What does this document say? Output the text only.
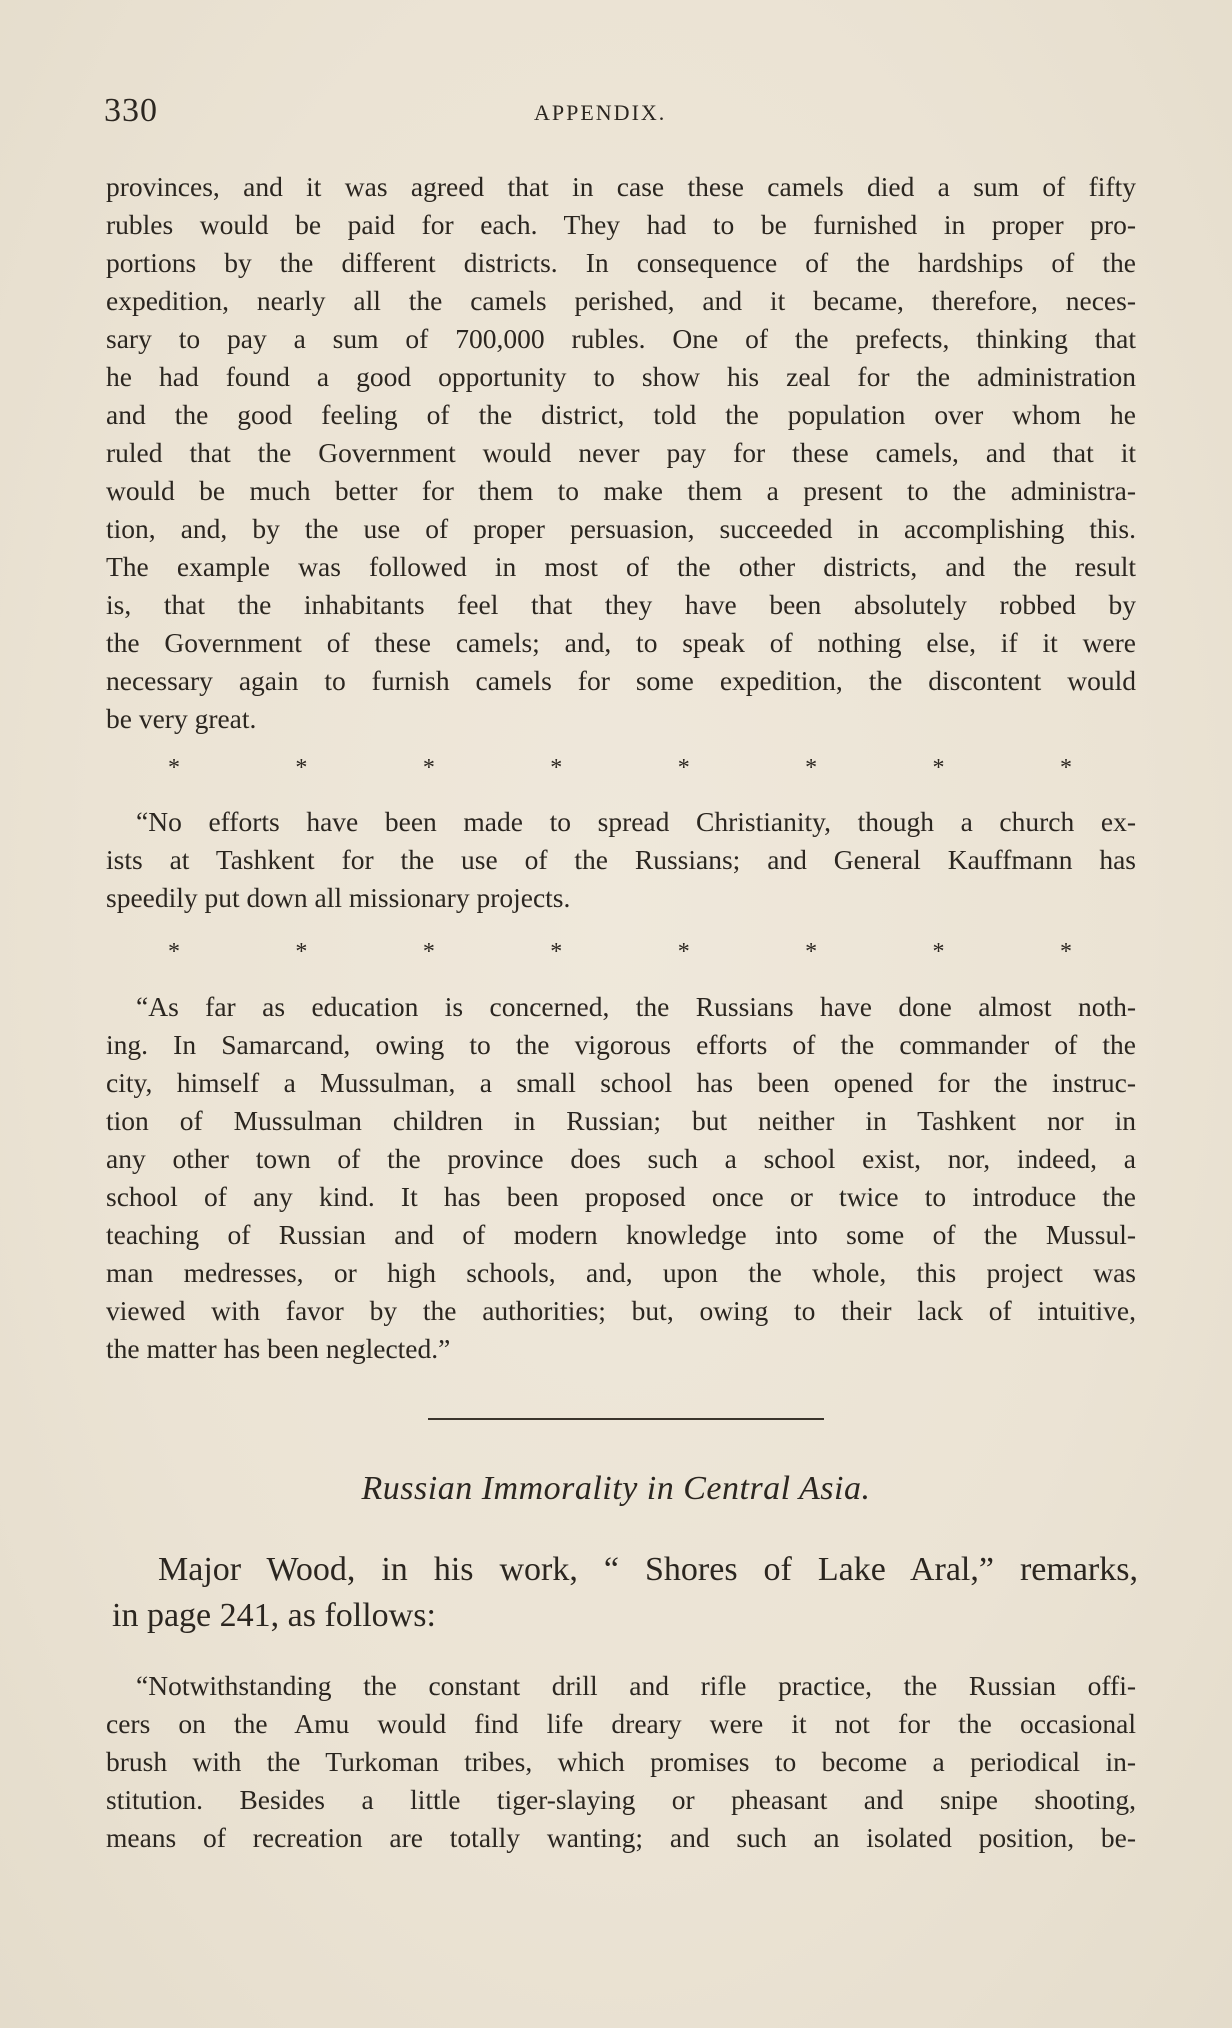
330	APPENDIX.
provinces, and it was agreed that in case these camels died a sum of fifty
rubles would be paid for each. They had to be furnished in proper pro-
portions by the different districts. In consequence of the hardships of the
expedition, nearly all the camels perished, and it became, therefore, neces-
sary to pay a sum of 700,000 rubles. One of the prefects, thinking that
he had found a good opportunity to show his zeal for the administration
and the good feeling of the district, told the population over whom he
ruled that the Government would never pay for these camels, and that it
would be much better for them to make them a present to the administra-
tion, and, by the use of proper persuasion, succeeded in accomplishing this.
The example was followed in most of the other districts, and the result
is, that the inhabitants feel that they have been absolutely robbed by
the Government of these camels; and, to speak of nothing else, if it were
necessary again to furnish camels for some expedition, the discontent would
be very great.
*	*	*	*	*	*	*	*
“No efforts have been made to spread Christianity, though a church ex-
ists at Tashkent for the use of the Russians; and General Kauffmann has
speedily put down all missionary projects.
*	*	*	*	*	*	*	*
“As far as education is concerned, the Russians have done almost noth-
ing. In Samarcand, owing to the vigorous efforts of the commander of the
city, himself a Mussulman, a small school has been opened for the instruc-
tion of Mussulman children in Russian; but neither in Tashkent nor in
any other town of the province does such a school exist, nor, indeed, a
school of any kind. It has been proposed once or twice to introduce the
teaching of Russian and of modern knowledge into some of the Mussul-
man medresses, or high schools, and, upon the whole, this project was
viewed with favor by the authorities; but, owing to their lack of intuitive,
the matter has been neglected.”
Russian Immorality in Central Asia.
Major Wood, in his work, “ Shores of Lake Aral,” remarks,
in page 241, as follows:
“Notwithstanding the constant drill and rifle practice, the Russian offi-
cers on the Amu would find life dreary were it not for the occasional
brush with the Turkoman tribes, which promises to become a periodical in-
stitution. Besides a little tiger-slaying or pheasant and snipe shooting,
means of recreation are totally wanting; and such an isolated position, be-
